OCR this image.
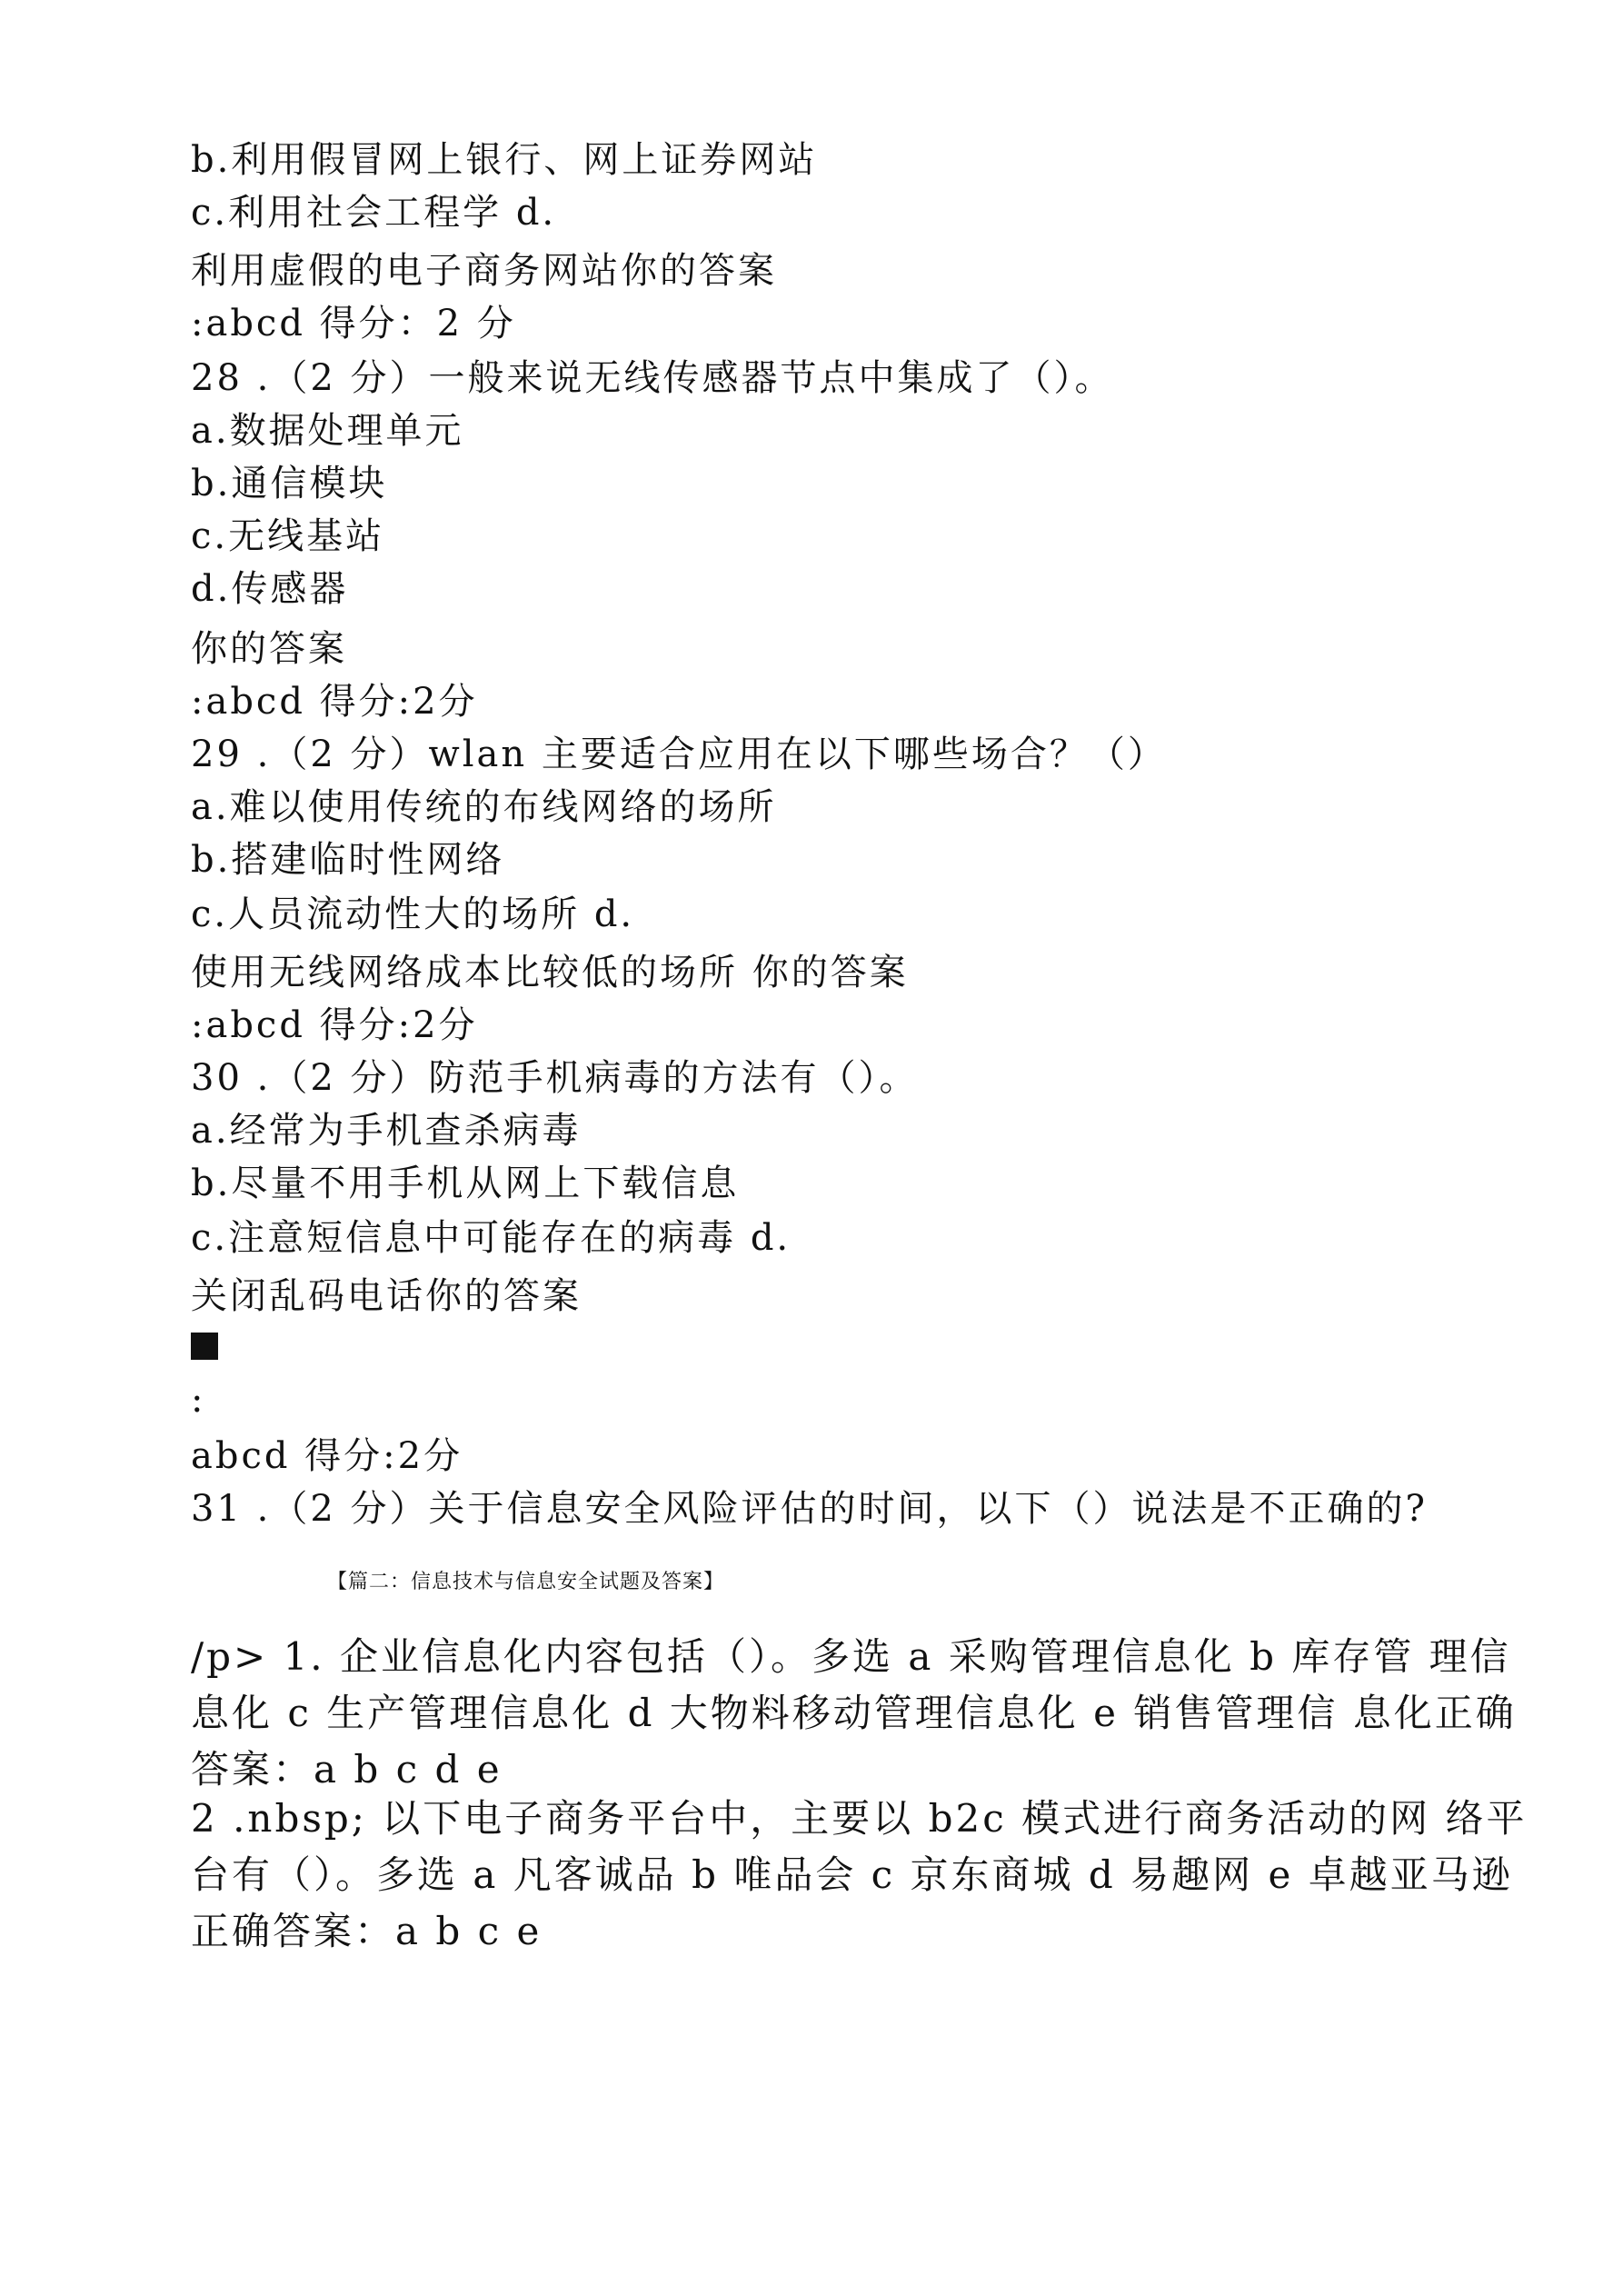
b.利用假冒网上银行、网上证券网站
c.利用社会工程学 d.
利用虚假的电子商务网站你的答案
:abcd 得分：2 分
28 .（2 分）一般来说无线传感器节点中集成了（）。
a.数据处理单元
b.通信模块
c.无线基站
d.传感器
你的答案
:abcd 得分:2分
29 .（2 分）wlan 主要适合应用在以下哪些场合？（）
a.难以使用传统的布线网络的场所
b.搭建临时性网络
c.人员流动性大的场所 d.
使用无线网络成本比较低的场所 你的答案
:abcd 得分:2分
30 .（2 分）防范手机病毒的方法有（）。
a.经常为手机查杀病毒
b.尽量不用手机从网上下载信息
c.注意短信息中可能存在的病毒 d.
关闭乱码电话你的答案
:
abcd 得分:2分
31 .（2 分）关于信息安全风险评估的时间，以下（）说法是不正确的?
【篇二：信息技术与信息安全试题及答案】
/p> 1. 企业信息化内容包括（）。多选 a 采购管理信息化 b 库存管 理信
息化 c 生产管理信息化 d 大物料移动管理信息化 e 销售管理信 息化正确
答案：a b c d e
2 .nbsp; 以下电子商务平台中，主要以 b2c 模式进行商务活动的网 络平
台有（）。多选 a 凡客诚品 b 唯品会 c 京东商城 d 易趣网 e 卓越亚马逊
正确答案：a b c e
